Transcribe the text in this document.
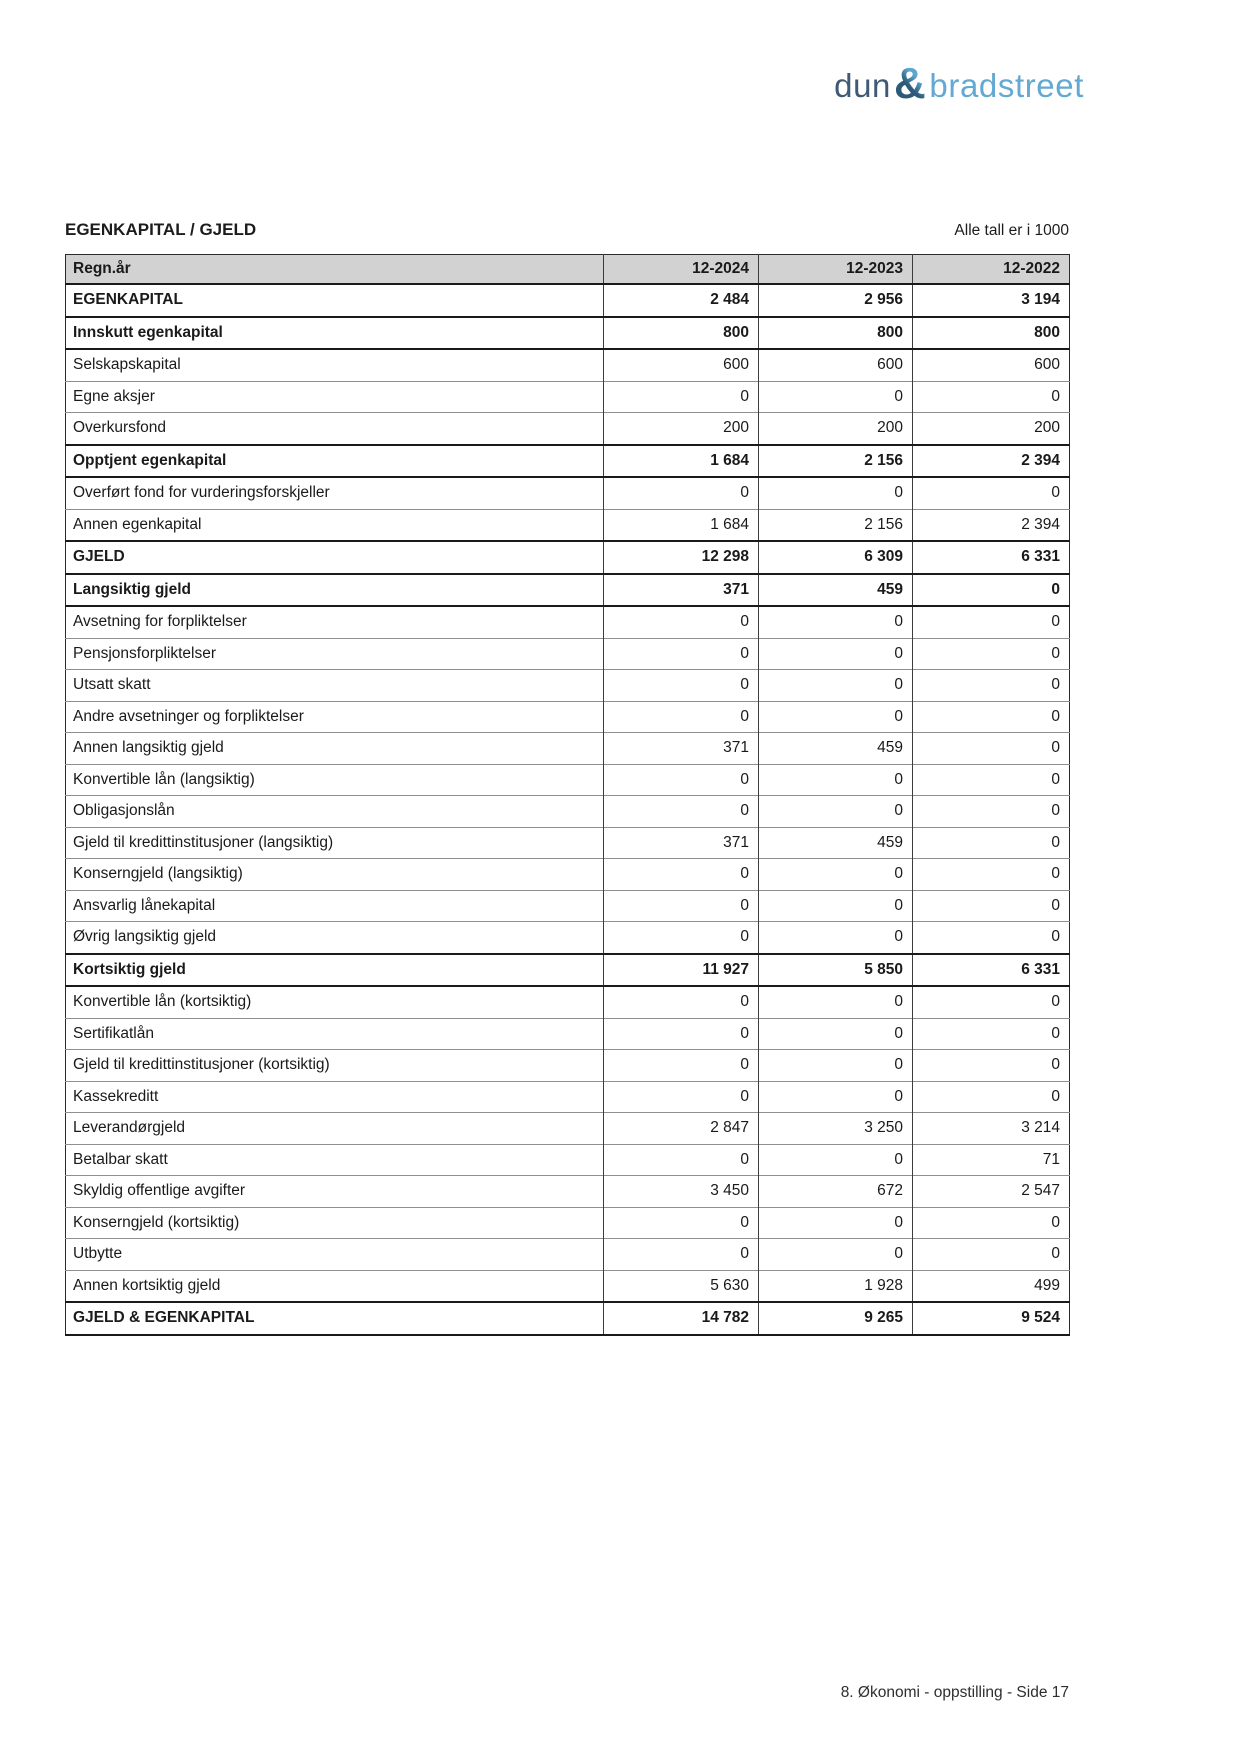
dun & bradstreet
EGENKAPITAL / GJELD	Alle tall er i 1000
Regn.år	12-2024	12-2023	12-2022
EGENKAPITAL	2 484	2 956	3 194
Innskutt egenkapital	800	800	800
Selskapskapital	600	600	600
Egne aksjer	0	0	0
Overkursfond	200	200	200
Opptjent egenkapital	1 684	2 156	2 394
Overført fond for vurderingsforskjeller	0	0	0
Annen egenkapital	1 684	2 156	2 394
GJELD	12 298	6 309	6 331
Langsiktig gjeld	371	459	0
Avsetning for forpliktelser	0	0	0
Pensjonsforpliktelser	0	0	0
Utsatt skatt	0	0	0
Andre avsetninger og forpliktelser	0	0	0
Annen langsiktig gjeld	371	459	0
Konvertible lån (langsiktig)	0	0	0
Obligasjonslån	0	0	0
Gjeld til kredittinstitusjoner (langsiktig)	371	459	0
Konserngjeld (langsiktig)	0	0	0
Ansvarlig lånekapital	0	0	0
Øvrig langsiktig gjeld	0	0	0
Kortsiktig gjeld	11 927	5 850	6 331
Konvertible lån (kortsiktig)	0	0	0
Sertifikatlån	0	0	0
Gjeld til kredittinstitusjoner (kortsiktig)	0	0	0
Kassekreditt	0	0	0
Leverandørgjeld	2 847	3 250	3 214
Betalbar skatt	0	0	71
Skyldig offentlige avgifter	3 450	672	2 547
Konserngjeld (kortsiktig)	0	0	0
Utbytte	0	0	0
Annen kortsiktig gjeld	5 630	1 928	499
GJELD & EGENKAPITAL	14 782	9 265	9 524
8. Økonomi - oppstilling - Side 17
